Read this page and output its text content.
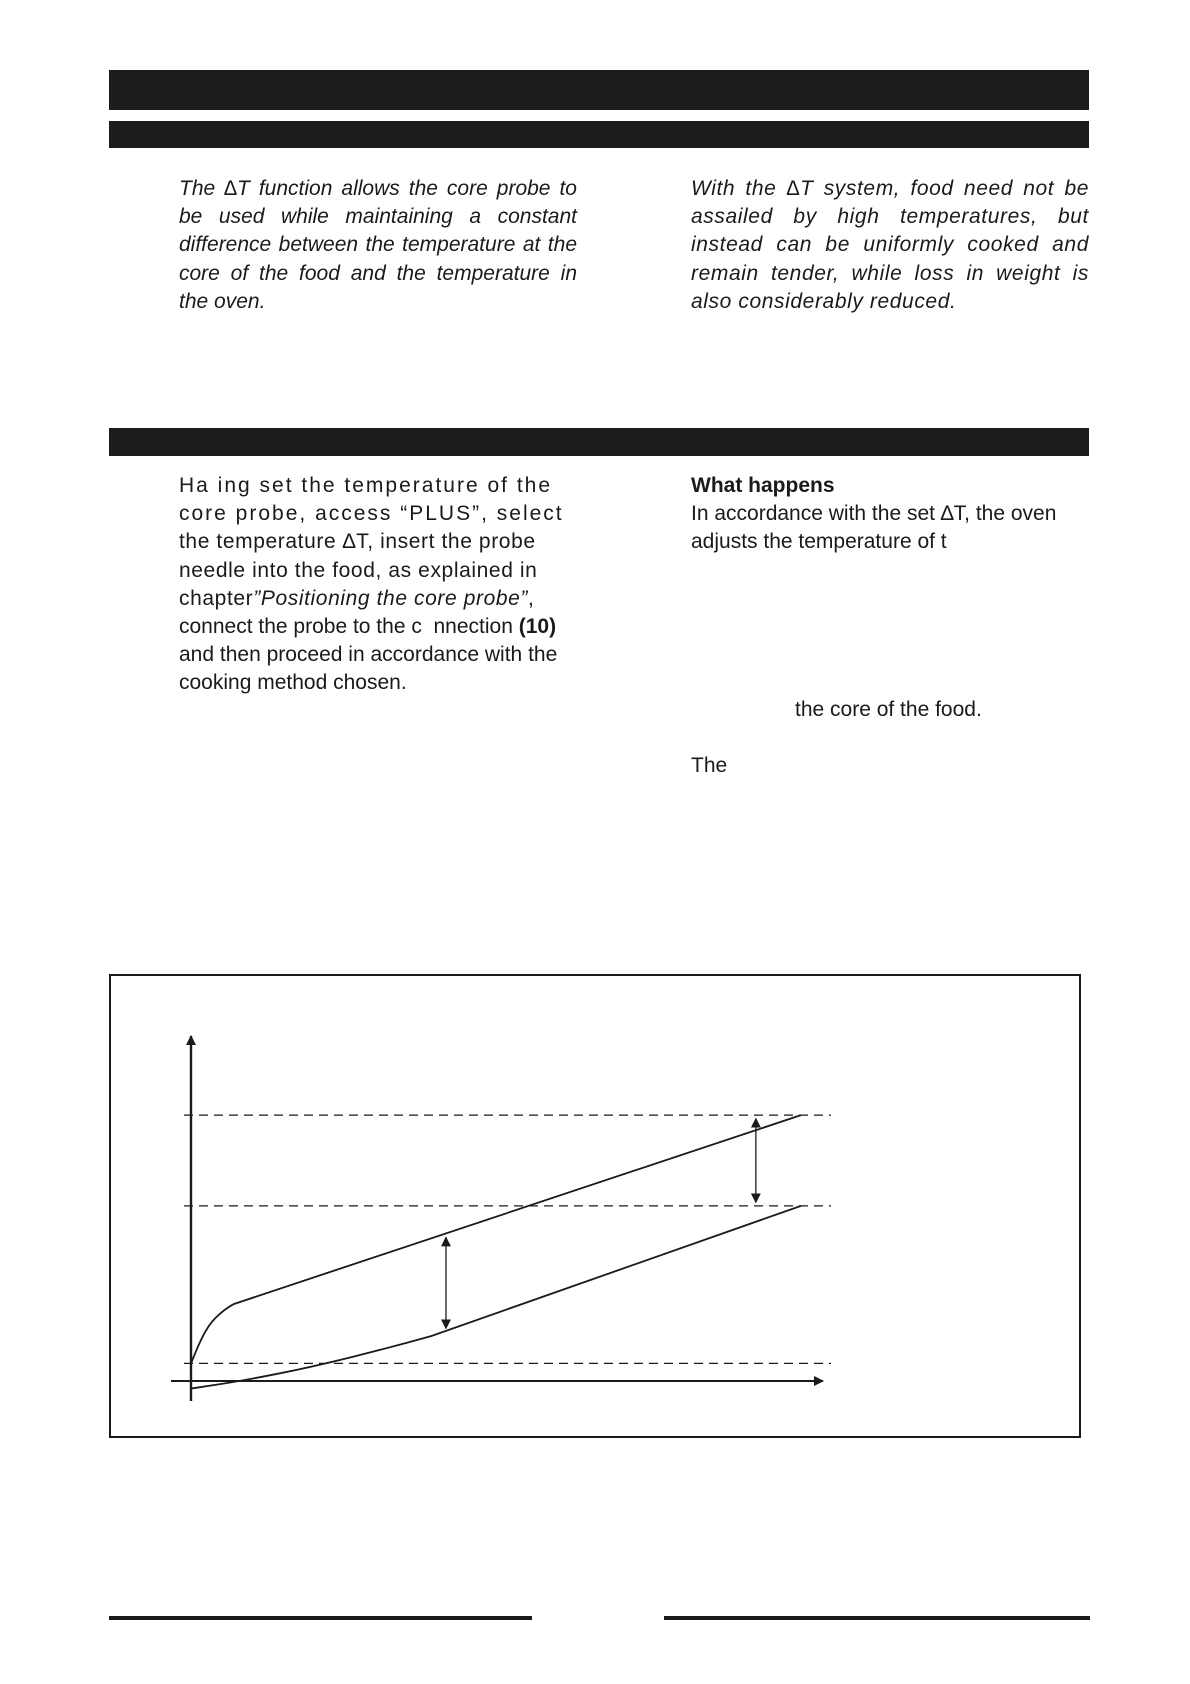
The ∆T function allows the core probe to be used while maintaining a constant difference between the temperature at the core of the food and the temperature in the oven.
With the ∆T system, food need not be assailed by high temperatures, but instead can be uniformly cooked and remain tender, while loss in weight is also considerably reduced.
Ha ing set the temperature of the
core probe, access “PLUS”, select
the temperature ∆T, insert the probe
needle into the food, as explained in
chapter”Positioning the core probe”,
connect the probe to the c  nnection (10)
and then proceed in accordance with the
cooking method chosen.
What happens
In accordance with the set ∆T, the oven
adjusts the temperature of t
the core of the food.
The
